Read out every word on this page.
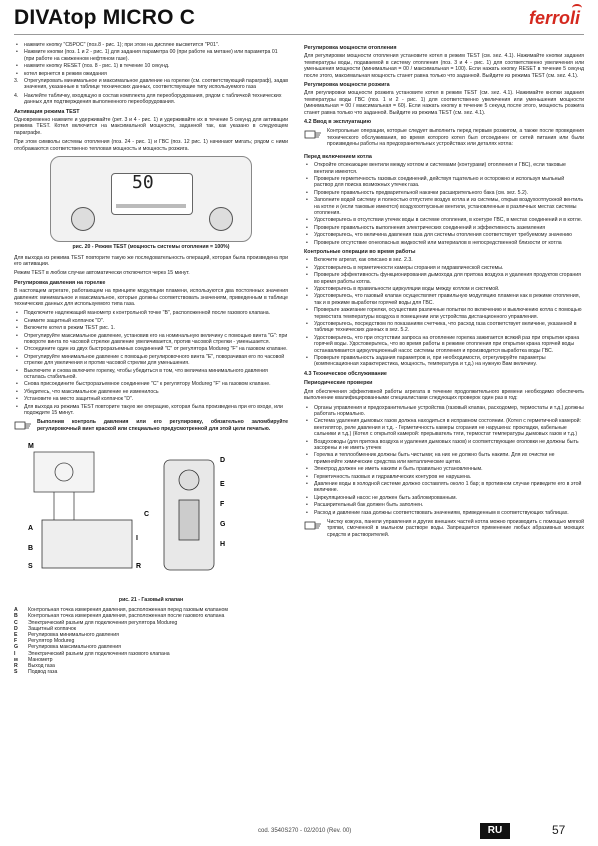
DIVAtop MICRO C	ferroli
• нажмите кнопку "СБРОС" (поз.8 - рис. 1); при этом на дисплее высветится "P01".
• Нажмите кнопки (поз. 1 и 2 - рис. 1) для задания параметра 00 (при работе на метане) или параметра 01 (при работе на сжиженном нефтяном газе).
• нажмите кнопку RESET (поз. 8 - рис. 1) в течение 10 секунд.
• котел вернется в режим ожидания
3. Отрегулировать минимальное и максимальное давление на горелке (см. соответствующий параграф), задав значения, указанные в таблице технических данных, соответствующие типу используемого газа
4. Наклейте табличку, входящую в состав комплекта для переоборудования, рядом с табличкой технических данных для подтверждения выполненного переоборудования.
Активация режима TEST
Одновременно нажмите и удерживайте (рет. 3 и 4 - рис. 1) и удерживайте их в течение 5 секунд для активации режима TEST. Котел включится на максимальной мощности, заданной так, как указано в следующем параграфе.
При этом символы системы отопления (поз. 24 - рис. 1) и ГВС (поз. 12 рис. 1) начинают мигать; рядом с ними отображаются соответственно тепловая мощность и мощность розжига.
50
рис. 20 - Режим TEST (мощность системы отопления = 100%)
Для выхода из режима TEST повторите такую же последовательность операций, которая была произведена при его активации.
Режим TEST в любом случае автоматически отключится через 15 минут.
Регулировка давления на горелке
В настоящем агрегате, работающем на принципе модуляции пламени, используются два постоянных значения давления: минимальное и максимальное, которые должны соответствовать значениям, приведенным в таблице технических данных для используемого типа газа.
• Подключите надлежащий манометр к контрольной точке "B", расположенной после газового клапана.
• Снимите защитный колпачок "D".
• Включите котел в режим TEST рис. 1.
• Отрегулируйте максимальное давление, установив его на номинальную величину с помощью винта "G": при повороте винта по часовой стрелке давление увеличивается, против часовой стрелки - уменьшается.
• Отсоедините один из двух быстроразъемных соединений "C" от регулятора Modureg "F" на газовом клапане.
• Отрегулируйте минимальное давление с помощью регулировочного винта "E", поворачивая его по часовой стрелке для увеличения и против часовой стрелки для уменьшения.
• Выключите и снова включите горелку, чтобы убедиться в том, что величина минимального давления осталась стабильной.
• Снова присоедините быстроразъемное соединение "C" к регулятору Modureg "F" на газовом клапане.
• Убедитесь, что максимальное давление не изменилось
• Установите на место защитный колпачок "D".
• Для выхода из режима TEST повторите такую же операцию, которая была произведена при его входе, или подождите 15 минут.
Выполнив контроль давления или его регулировку, обязательно заломбируйте регулировочный винт краской или специально предусмотренной для этой цели печатью.
A
B
C
D
E
F
G
H
I
M
R
S
рис. 21 - Газовый клапан
A	Контрольная точка измерения давления, расположенная перед газовым клапаном
B	Контрольная точка измерения давления, расположенная после газового клапана
C	Электрический разъем для подключения регулятора Modureg
D	Защитный колпачок
E	Регулировка минимального давления
F	Регулятор Modureg
G	Регулировка максимального давления
I	Электрический разъем для подключения газового клапана
м	Манометр
R	Выход газа
S	Подвод газа
Регулировка мощности отопления
Для регулировки мощности отопления установите котел в режим TEST (см. sez. 4.1). Нажимайте кнопки задания температуры воды, подаваемой в систему отопления (поз. 3 и 4 - рис. 1) для соответственно увеличения или уменьшения мощности (минимальная = 00 / максимальная = 100). Если нажать кнопку RESET в течение 5 секунд после этого, максимальная мощность станет равна только что заданной. Выйдите из режима TEST (см. sez. 4.1).
Регулировка мощности розжига
Для регулировки мощности розжига установите котел в режим TEST (см. sez. 4.1). Нажимайте кнопки задания температуры воды ГВС (поз. 1 и 2 - рис. 1) для соответственно увеличения или уменьшения мощности (минимальная = 00 / максимальная = 60). Если нажать кнопку в течение 5 секунд после этого, мощность розжига станет равна только что заданной. Выйдите из режима TEST (см. sez. 4.1).
4.2 Ввод в эксплуатацию
Контрольные операции, которые следует выполнить перед первым розжигом, а также после проведения технического обслуживания, во время которого котел был отсоединен от сетей питания или были произведены работы на предохранительных устройствах или деталях котла:
Перед включением котла
• Откройте отсекающие вентили между котлом и системами (контурами) отопления и ГВС), если таковые вентили имеются.
• Проверьте герметичность газовых соединений, действуя тщательно и осторожно и используя мыльный раствор для поиска возможных утечек газа.
• Проверьте правильность предварительной накачки расширительного бака (см. sez. 5.2).
• Заполните водой систему и полностью отпустите воздух котла и из системы, открыв воздухоотпускной вентиль на котле и (если таковые имеются) воздухоотпускные вентили, установленные в различных местах системы отопления.
• Удостоверьтесь в отсутствии утечек воды в системе отопления, в контуре ГВС, в местах соединений и в котле.
• Проверьте правильность выполнения электрических соединений и эффективность заземления
• Удостоверьтесь, что величина давления газа для системы отопления соответствует требуемому значению
• Проверьте отсутствие огнеопасных жидкостей или материалов в непосредственной близости от котла
Контрольные операции во время работы
• Включите агрегат, как описано в sez. 2.3.
• Удостоверьтесь в герметичности камеры сгорания и гидравлической системы.
• Проверьте эффективность функционирования дымохода для притока воздуха и удаления продуктов сгорания во время работы котла.
• Удостоверьтесь в правильности циркуляции воды между котлом и системой.
• Удостоверьтесь, что газовый клапан осуществляет правильную модуляцию пламени как в режиме отопления, так и в режиме выработки горячей воды для ГВС.
• Проверьте зажигание горелки, осуществив различные попытки по включению и выключению котла с помощью термостата температуры воздуха в помещении или устройства дистанционного управления.
• Удостоверьтесь, посредством по показаниям счетчика, что расход газа соответствует величине, указанной в таблице технических данных в sez. 5.2.
• Удостоверьтесь, что при отсутствии запроса на отопление горелка зажигается всякий раз при открытии крана горячей воды. Удостоверьтесь, что во время работы в режиме отопления при открытии крана горячей воды останавливается циркуляционный насос системы отопления и производится выработка воды ГВС.
• Проверьте правильность задания параметров и, при необходимости, отрегулируйте параметры (компенсационная характеристика, мощность, температура и т.д.) на нужную Вам величину.
4.3 Техническое обслуживание
Периодические проверки
Для обеспечения эффективной работы агрегата в течение продолжительного времени необходимо обеспечить выполнение квалифицированными специалистами следующих проверок один раз в год:
• Органы управления и предохранительные устройства (газовый клапан, расходомер, термостаты и т.д.) должны работать нормально.
• Система удаления дымовых газов должна находиться в исправном состоянии. (Котел с герметичной камерой: вентилятор, реле давления и т.д. - Герметичность камеры сгорания не нарушена: прокладки, кабельные сальники и т.д.) (Котел с открытой камерой: прерыватель тяги, термостат температуры дымовых газов и т.д.)
• Воздуховоды (для притока воздуха и удаления дымовых газов) и соответствующие оголовки не должны быть засорены и не иметь утечек
• Горелка и теплообменник должны быть чистыми; на них не должно быть накипи. Для их очистки не применяйте химические средства или металлические щетки.
• Электрод должен не иметь накипи и быть правильно установленным.
• Герметичность газовых и гидравлических контуров не нарушена.
• Давление воды в холодной системе должно составлять около 1 бар; в противном случае приведите его в этой величине.
• Циркуляционный насос не должен быть заблокированным.
• Расширительный бак должен быть заполнен.
• Расход и давление газа должны соответствовать значениям, приведенным в соответствующих таблицах.
Чистку кожуха, панели управления и других внешних частей котла можно производить с помощью мягкой тряпки, смоченной в мыльном растворе воды. Запрещается применение любых абразивных моющих средств и растворителей.
cod. 3540S270 - 02/2010 (Rev. 00)	RU	57
